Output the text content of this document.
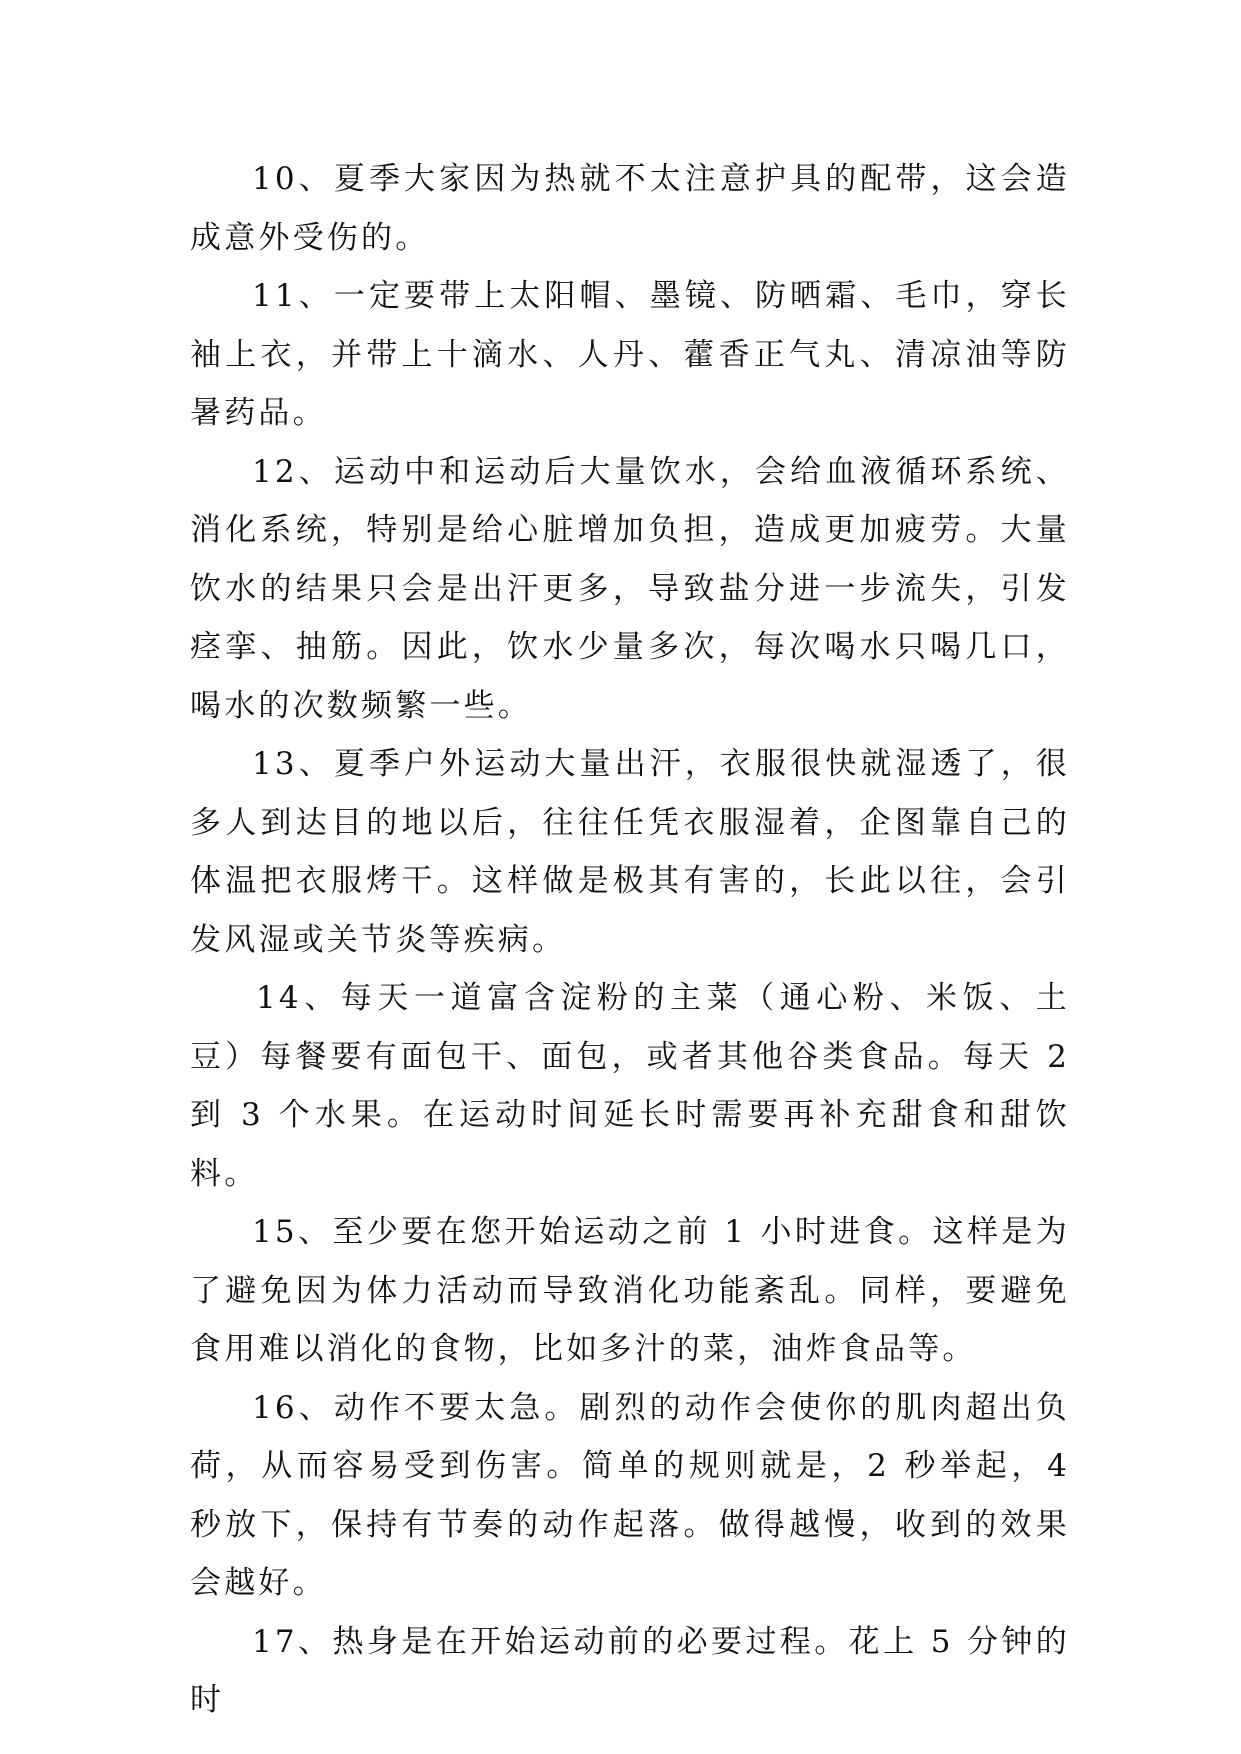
10、夏季大家因为热就不太注意护具的配带，这会造成意外受伤的。

11、一定要带上太阳帽、墨镜、防晒霜、毛巾，穿长袖上衣，并带上十滴水、人丹、藿香正气丸、清凉油等防暑药品。

12、运动中和运动后大量饮水，会给血液循环系统、消化系统，特别是给心脏增加负担，造成更加疲劳。大量饮水的结果只会是出汗更多，导致盐分进一步流失，引发痉挛、抽筋。因此，饮水少量多次，每次喝水只喝几口，喝水的次数频繁一些。

13、夏季户外运动大量出汗，衣服很快就湿透了，很多人到达目的地以后，往往任凭衣服湿着，企图靠自己的体温把衣服烤干。这样做是极其有害的，长此以往，会引发风湿或关节炎等疾病。

14、每天一道富含淀粉的主菜（通心粉、米饭、土豆）每餐要有面包干、面包，或者其他谷类食品。每天 2 到 3 个水果。在运动时间延长时需要再补充甜食和甜饮料。

15、至少要在您开始运动之前 1 小时进食。这样是为了避免因为体力活动而导致消化功能紊乱。同样，要避免食用难以消化的食物，比如多汁的菜，油炸食品等。

16、动作不要太急。剧烈的动作会使你的肌肉超出负荷，从而容易受到伤害。简单的规则就是，2 秒举起，4 秒放下，保持有节奏的动作起落。做得越慢，收到的效果会越好。

17、热身是在开始运动前的必要过程。花上 5 分钟的时
